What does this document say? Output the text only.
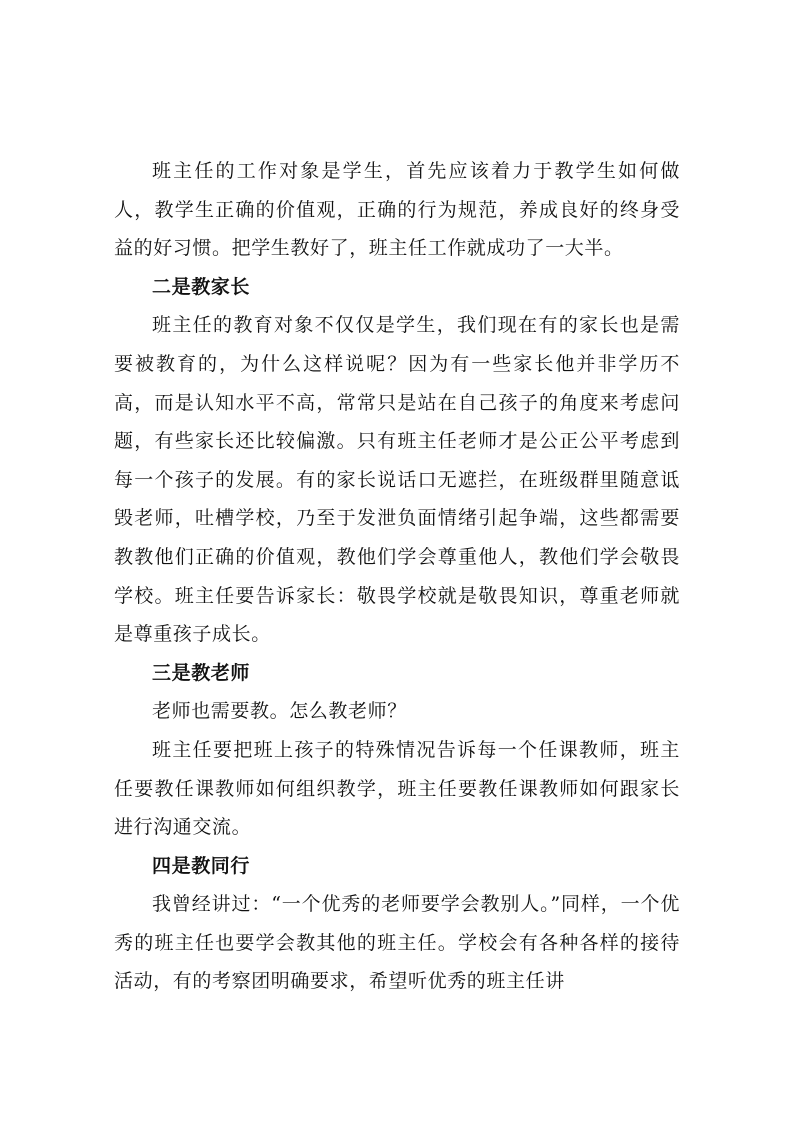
班主任的工作对象是学生，首先应该着力于教学生如何做人，教学生正确的价值观，正确的行为规范，养成良好的终身受益的好习惯。把学生教好了，班主任工作就成功了一大半。

二是教家长

班主任的教育对象不仅仅是学生，我们现在有的家长也是需要被教育的，为什么这样说呢？因为有一些家长他并非学历不高，而是认知水平不高，常常只是站在自己孩子的角度来考虑问题，有些家长还比较偏激。只有班主任老师才是公正公平考虑到每一个孩子的发展。有的家长说话口无遮拦，在班级群里随意诋毁老师，吐槽学校，乃至于发泄负面情绪引起争端，这些都需要教教他们正确的价值观，教他们学会尊重他人，教他们学会敬畏学校。班主任要告诉家长：敬畏学校就是敬畏知识，尊重老师就是尊重孩子成长。

三是教老师

老师也需要教。怎么教老师？

班主任要把班上孩子的特殊情况告诉每一个任课教师，班主任要教任课教师如何组织教学，班主任要教任课教师如何跟家长进行沟通交流。

四是教同行

我曾经讲过：“一个优秀的老师要学会教别人。”同样，一个优秀的班主任也要学会教其他的班主任。学校会有各种各样的接待活动，有的考察团明确要求，希望听优秀的班主任讲
